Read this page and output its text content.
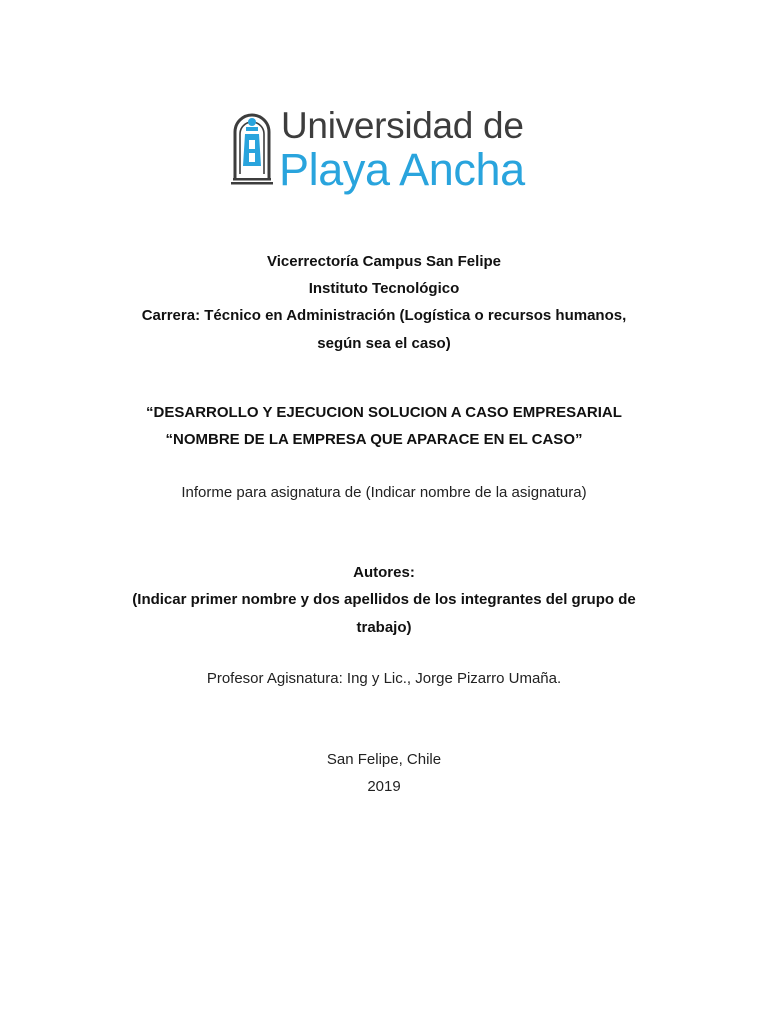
Universidad de
Playa Ancha
Vicerrectoría Campus San Felipe
Instituto Tecnológico
Carrera: Técnico en Administración (Logística o recursos humanos,
según sea el caso)
“DESARROLLO Y EJECUCION SOLUCION A CASO EMPRESARIAL
“NOMBRE DE LA EMPRESA QUE APARACE EN EL CASO”
Informe para asignatura de (Indicar nombre de la asignatura)
Autores:
(Indicar primer nombre y dos apellidos de los integrantes del grupo de
trabajo)
Profesor Agisnatura: Ing y Lic., Jorge Pizarro Umaña.
San Felipe, Chile
2019
